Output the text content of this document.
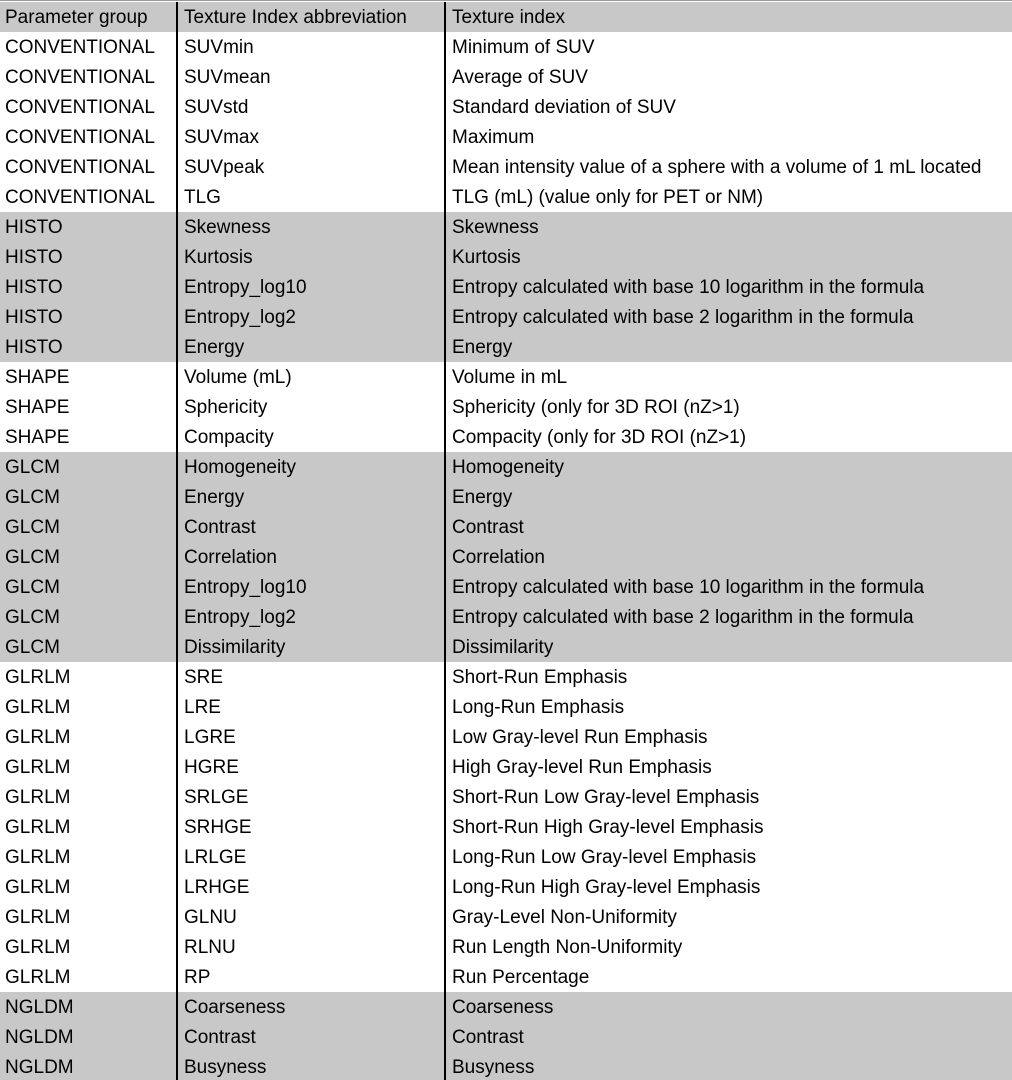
Parameter group	Texture Index abbreviation	Texture index
CONVENTIONAL	SUVmin	Minimum of SUV
CONVENTIONAL	SUVmean	Average of SUV
CONVENTIONAL	SUVstd	Standard deviation of SUV
CONVENTIONAL	SUVmax	Maximum
CONVENTIONAL	SUVpeak	Mean intensity value of a sphere with a volume of 1 mL located
CONVENTIONAL	TLG	TLG (mL) (value only for PET or NM)
HISTO	Skewness	Skewness
HISTO	Kurtosis	Kurtosis
HISTO	Entropy_log10	Entropy calculated with base 10 logarithm in the formula
HISTO	Entropy_log2	Entropy calculated with base 2 logarithm in the formula
HISTO	Energy	Energy
SHAPE	Volume (mL)	Volume in mL
SHAPE	Sphericity	Sphericity (only for 3D ROI (nZ>1)
SHAPE	Compacity	Compacity (only for 3D ROI (nZ>1)
GLCM	Homogeneity	Homogeneity
GLCM	Energy	Energy
GLCM	Contrast	Contrast
GLCM	Correlation	Correlation
GLCM	Entropy_log10	Entropy calculated with base 10 logarithm in the formula
GLCM	Entropy_log2	Entropy calculated with base 2 logarithm in the formula
GLCM	Dissimilarity	Dissimilarity
GLRLM	SRE	Short-Run Emphasis
GLRLM	LRE	Long-Run Emphasis
GLRLM	LGRE	Low Gray-level Run Emphasis
GLRLM	HGRE	High Gray-level Run Emphasis
GLRLM	SRLGE	Short-Run Low Gray-level Emphasis
GLRLM	SRHGE	Short-Run High Gray-level Emphasis
GLRLM	LRLGE	Long-Run Low Gray-level Emphasis
GLRLM	LRHGE	Long-Run High Gray-level Emphasis
GLRLM	GLNU	Gray-Level Non-Uniformity
GLRLM	RLNU	Run Length Non-Uniformity
GLRLM	RP	Run Percentage
NGLDM	Coarseness	Coarseness
NGLDM	Contrast	Contrast
NGLDM	Busyness	Busyness
